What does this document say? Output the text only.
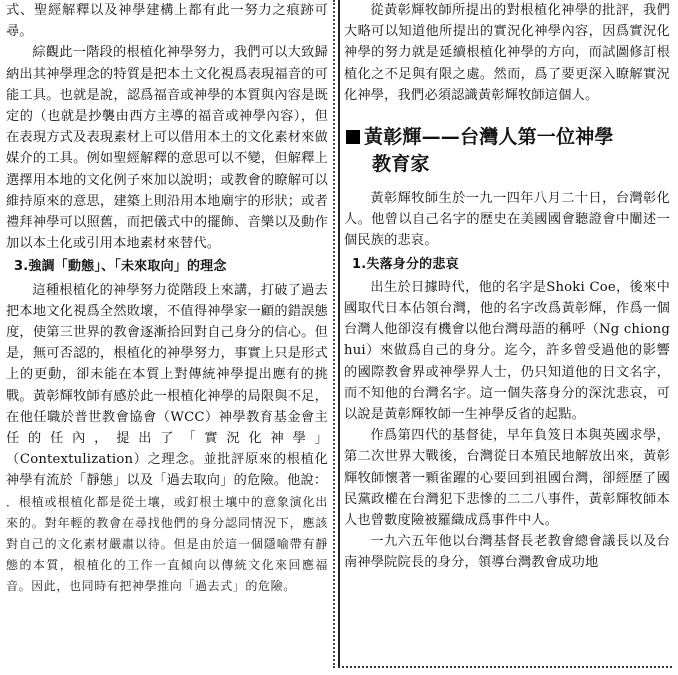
式、聖經解釋以及神學建構上都有此一努力之痕跡可尋。

綜觀此一階段的根植化神學努力，我們可以大致歸納出其神學理念的特質是把本土文化視爲表現福音的可能工具。也就是說，認爲福音或神學的本質與內容是既定的（也就是抄襲由西方主導的福音或神學內容），但在表現方式及表現素材上可以借用本土的文化素材來做媒介的工具。例如聖經解釋的意思可以不變，但解釋上選擇用本地的文化例子來加以說明；或教會的瞭解可以維持原來的意思，建築上則沿用本地廟宇的形狀；或者禮拜神學可以照舊，而把儀式中的擺飾、音樂以及動作加以本土化或引用本地素材來替代。

3.強調「動態」、「未來取向」的理念

這種根植化的神學努力從階段上來講，打破了過去把本地文化視爲全然敗壞，不值得神學家一顧的錯誤態度，使第三世界的教會逐漸拾回對自己身分的信心。但是，無可否認的，根植化的神學努力，事實上只是形式上的更動，卻未能在本質上對傳統神學提出應有的挑戰。黃彰輝牧師有感於此一根植化神學的局限與不足，在他任職於普世教會協會（WCC）神學教育基金會主任的任內，提出了「實況化神學」（Contextulization）之理念。並批評原來的根植化神學有流於「靜態」以及「過去取向」的危險。他說：

．根植或根植化都是從土壤，或釘根土壤中的意象演化出來的。對年輕的教會在尋找他們的身分認同情況下，應該對自己的文化素材嚴肅以待。但是由於這一個隱喻帶有靜態的本質，根植化的工作一直傾向以傳統文化來回應福音。因此，也同時有把神學推向「過去式」的危險。

從黃彰輝牧師所提出的對根植化神學的批評，我們大略可以知道他所提出的實況化神學內容，因爲實況化神學的努力就是延續根植化神學的方向，而試圖修訂根植化之不足與有限之處。然而，爲了要更深入瞭解實況化神學，我們必須認識黃彰輝牧師這個人。

黃彰輝——台灣人第一位神學
教育家

黃彰輝牧師生於一九一四年八月二十日，台灣彰化人。他曾以自己名字的歷史在美國國會聽證會中闡述一個民族的悲哀。

1.失落身分的悲哀

出生於日據時代，他的名字是Shoki Coe，後來中國取代日本佔領台灣，他的名字改爲黃彰輝，作爲一個台灣人他卻沒有機會以他台灣母語的稱呼（Ng chiong hui）來做爲自己的身分。迄今，許多曾受過他的影響的國際教會界或神學界人士，仍只知道他的日文名字，而不知他的台灣名字。這一個失落身分的深沈悲哀，可以說是黃彰輝牧師一生神學反省的起點。

作爲第四代的基督徒，早年負笈日本與英國求學，第二次世界大戰後，台灣從日本殖民地解放出來，黃彰輝牧師懷著一顆雀躍的心要回到祖國台灣，卻經歷了國民黨政權在台灣犯下悲慘的二二八事件，黃彰輝牧師本人也曾數度險被羅織成爲事件中人。

一九六五年他以台灣基督長老教會總會議長以及台南神學院院長的身分，領導台灣教會成功地
